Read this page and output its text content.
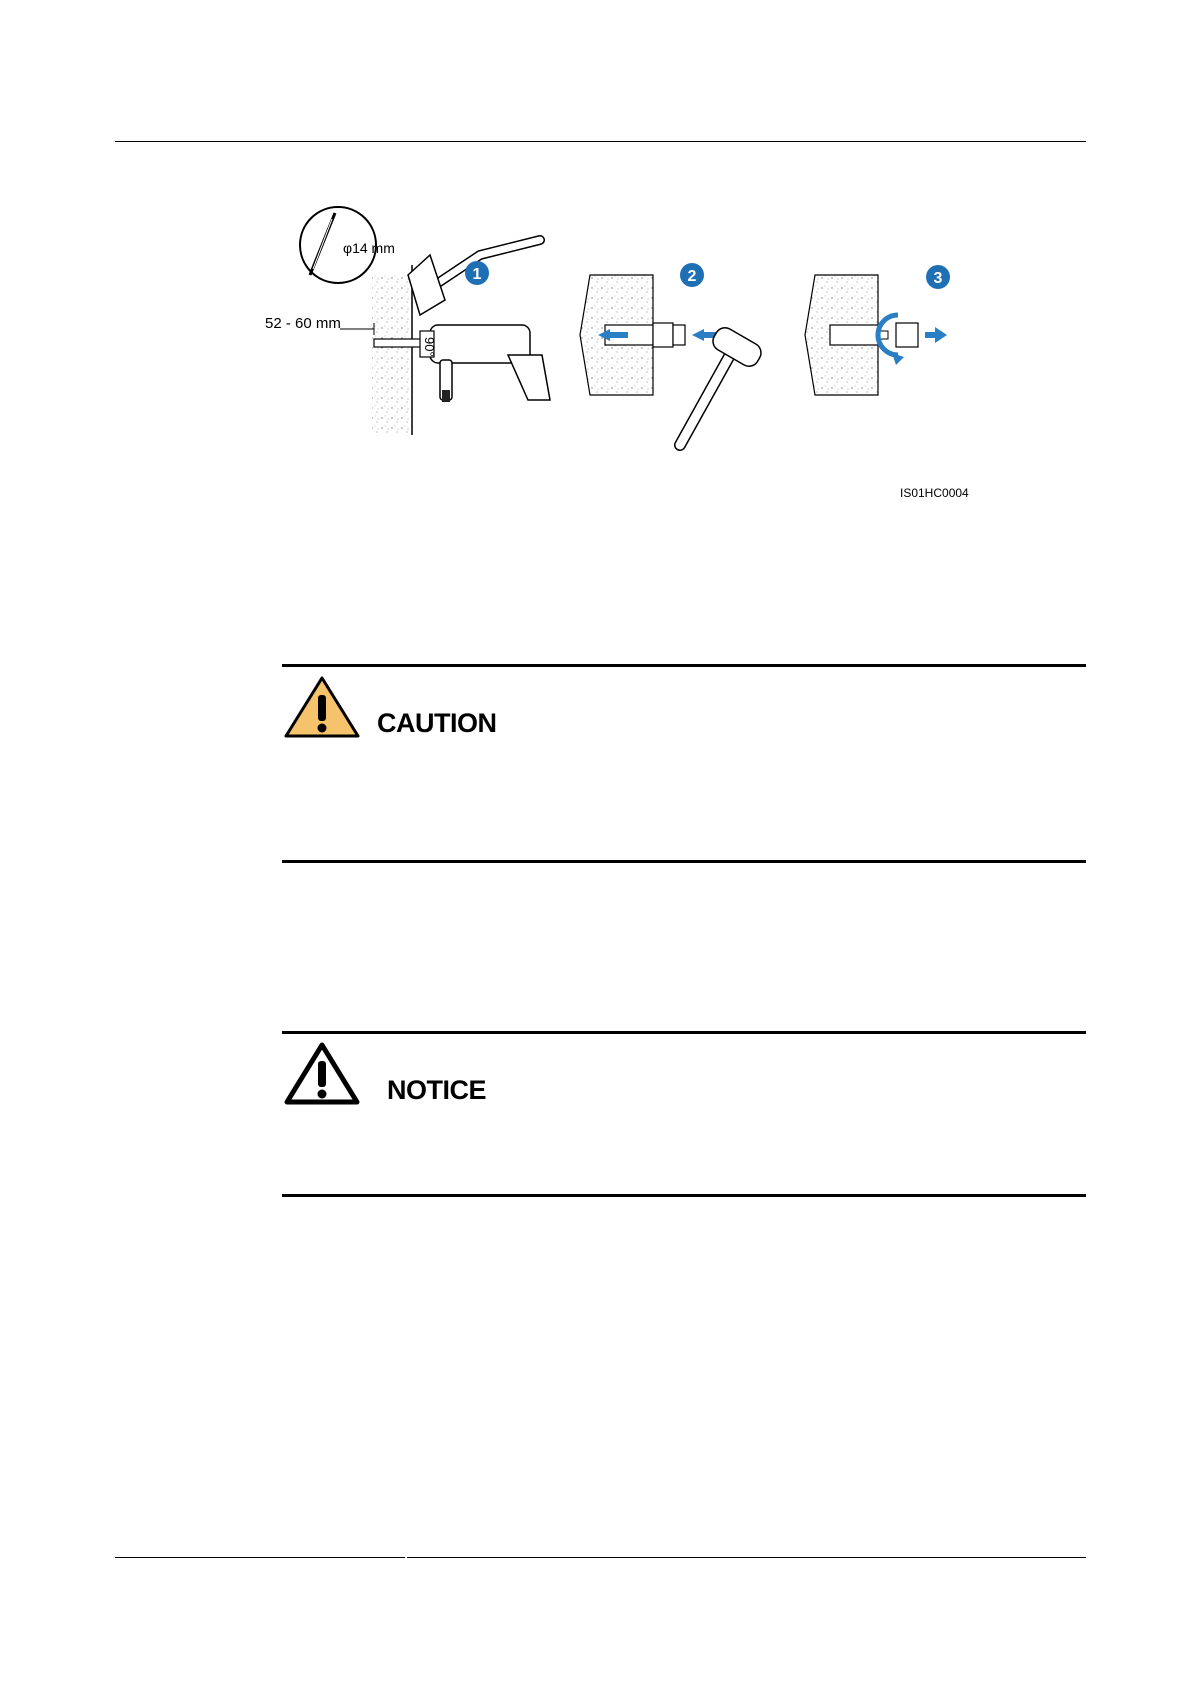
φ14 mm
52 - 60 mm
90°
1	2	3
IS01HC0004
CAUTION
NOTICE
